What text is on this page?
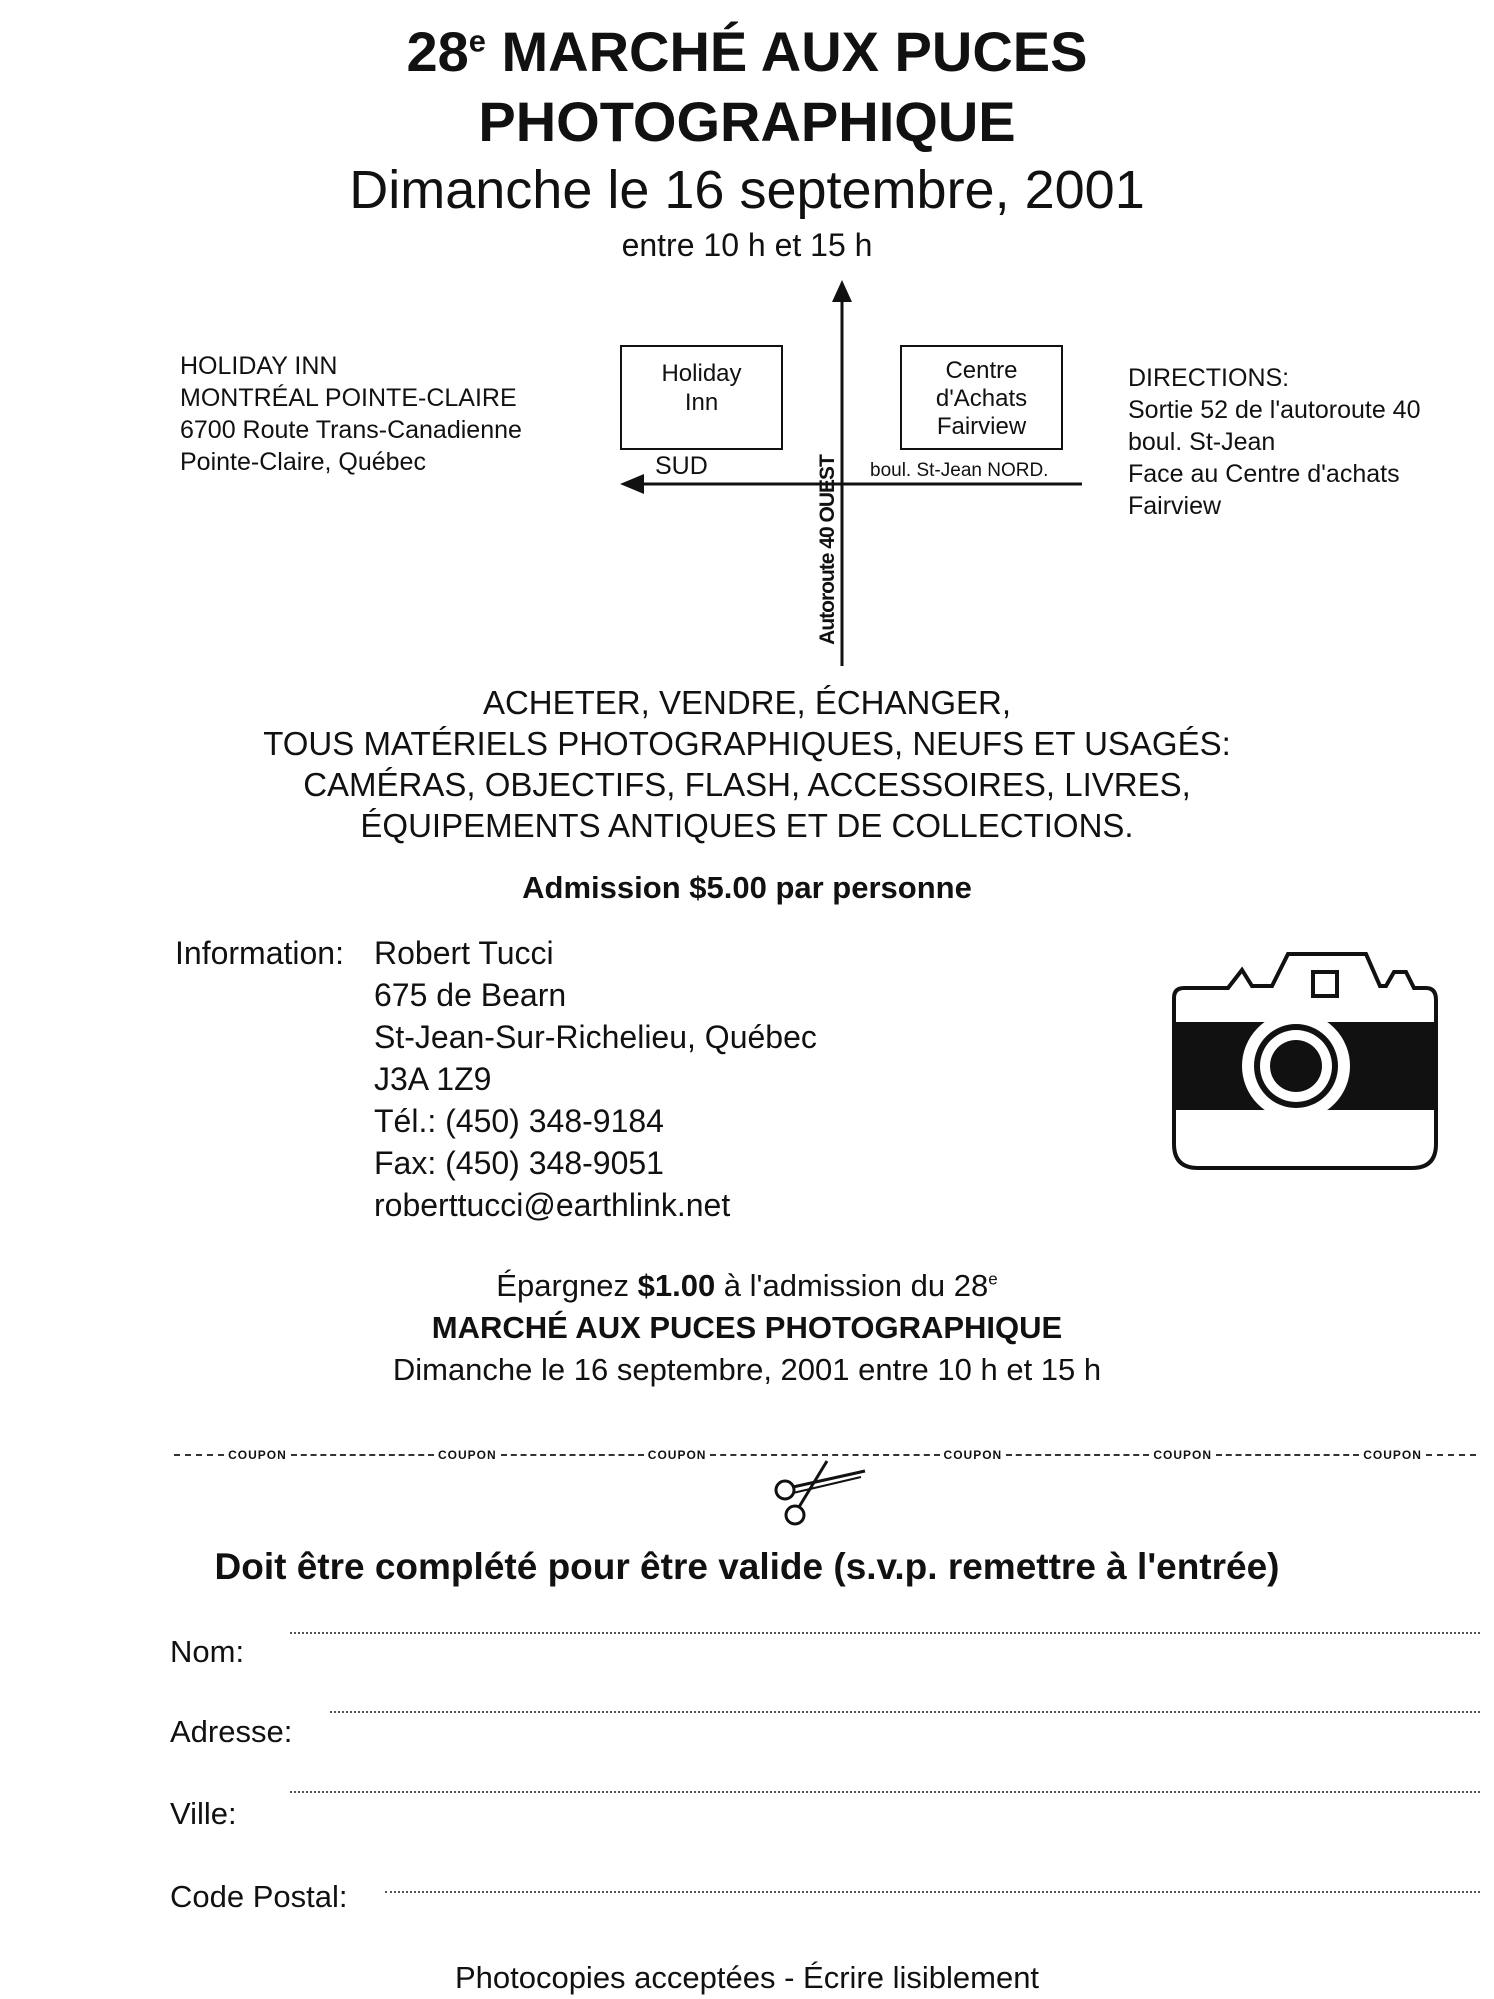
28e MARCHÉ AUX PUCES
PHOTOGRAPHIQUE
Dimanche le 16 septembre, 2001
entre 10 h et 15 h
HOLIDAY INN
MONTRÉAL POINTE-CLAIRE
6700 Route Trans-Canadienne
Pointe-Claire, Québec
Holiday
Inn
Centre
d'Achats
Fairview
SUD	boul. St-Jean NORD.
Autoroute 40 OUEST
DIRECTIONS:
Sortie 52 de l'autoroute 40
boul. St-Jean
Face au Centre d'achats
Fairview
ACHETER, VENDRE, ÉCHANGER,
TOUS MATÉRIELS PHOTOGRAPHIQUES, NEUFS ET USAGÉS:
CAMÉRAS, OBJECTIFS, FLASH, ACCESSOIRES, LIVRES,
ÉQUIPEMENTS ANTIQUES ET DE COLLECTIONS.
Admission $5.00 par personne
Information: Robert Tucci
675 de Bearn
St-Jean-Sur-Richelieu, Québec
J3A 1Z9
Tél.: (450) 348-9184
Fax: (450) 348-9051
roberttucci@earthlink.net
Épargnez $1.00 à l'admission du 28e
MARCHÉ AUX PUCES PHOTOGRAPHIQUE
Dimanche le 16 septembre, 2001 entre 10 h et 15 h
COUPON	COUPON	COUPON	COUPON	COUPON	COUPON
Doit être complété pour être valide (s.v.p. remettre à l'entrée)
Nom:
Adresse:
Ville:
Code Postal:
Photocopies acceptées - Écrire lisiblement
